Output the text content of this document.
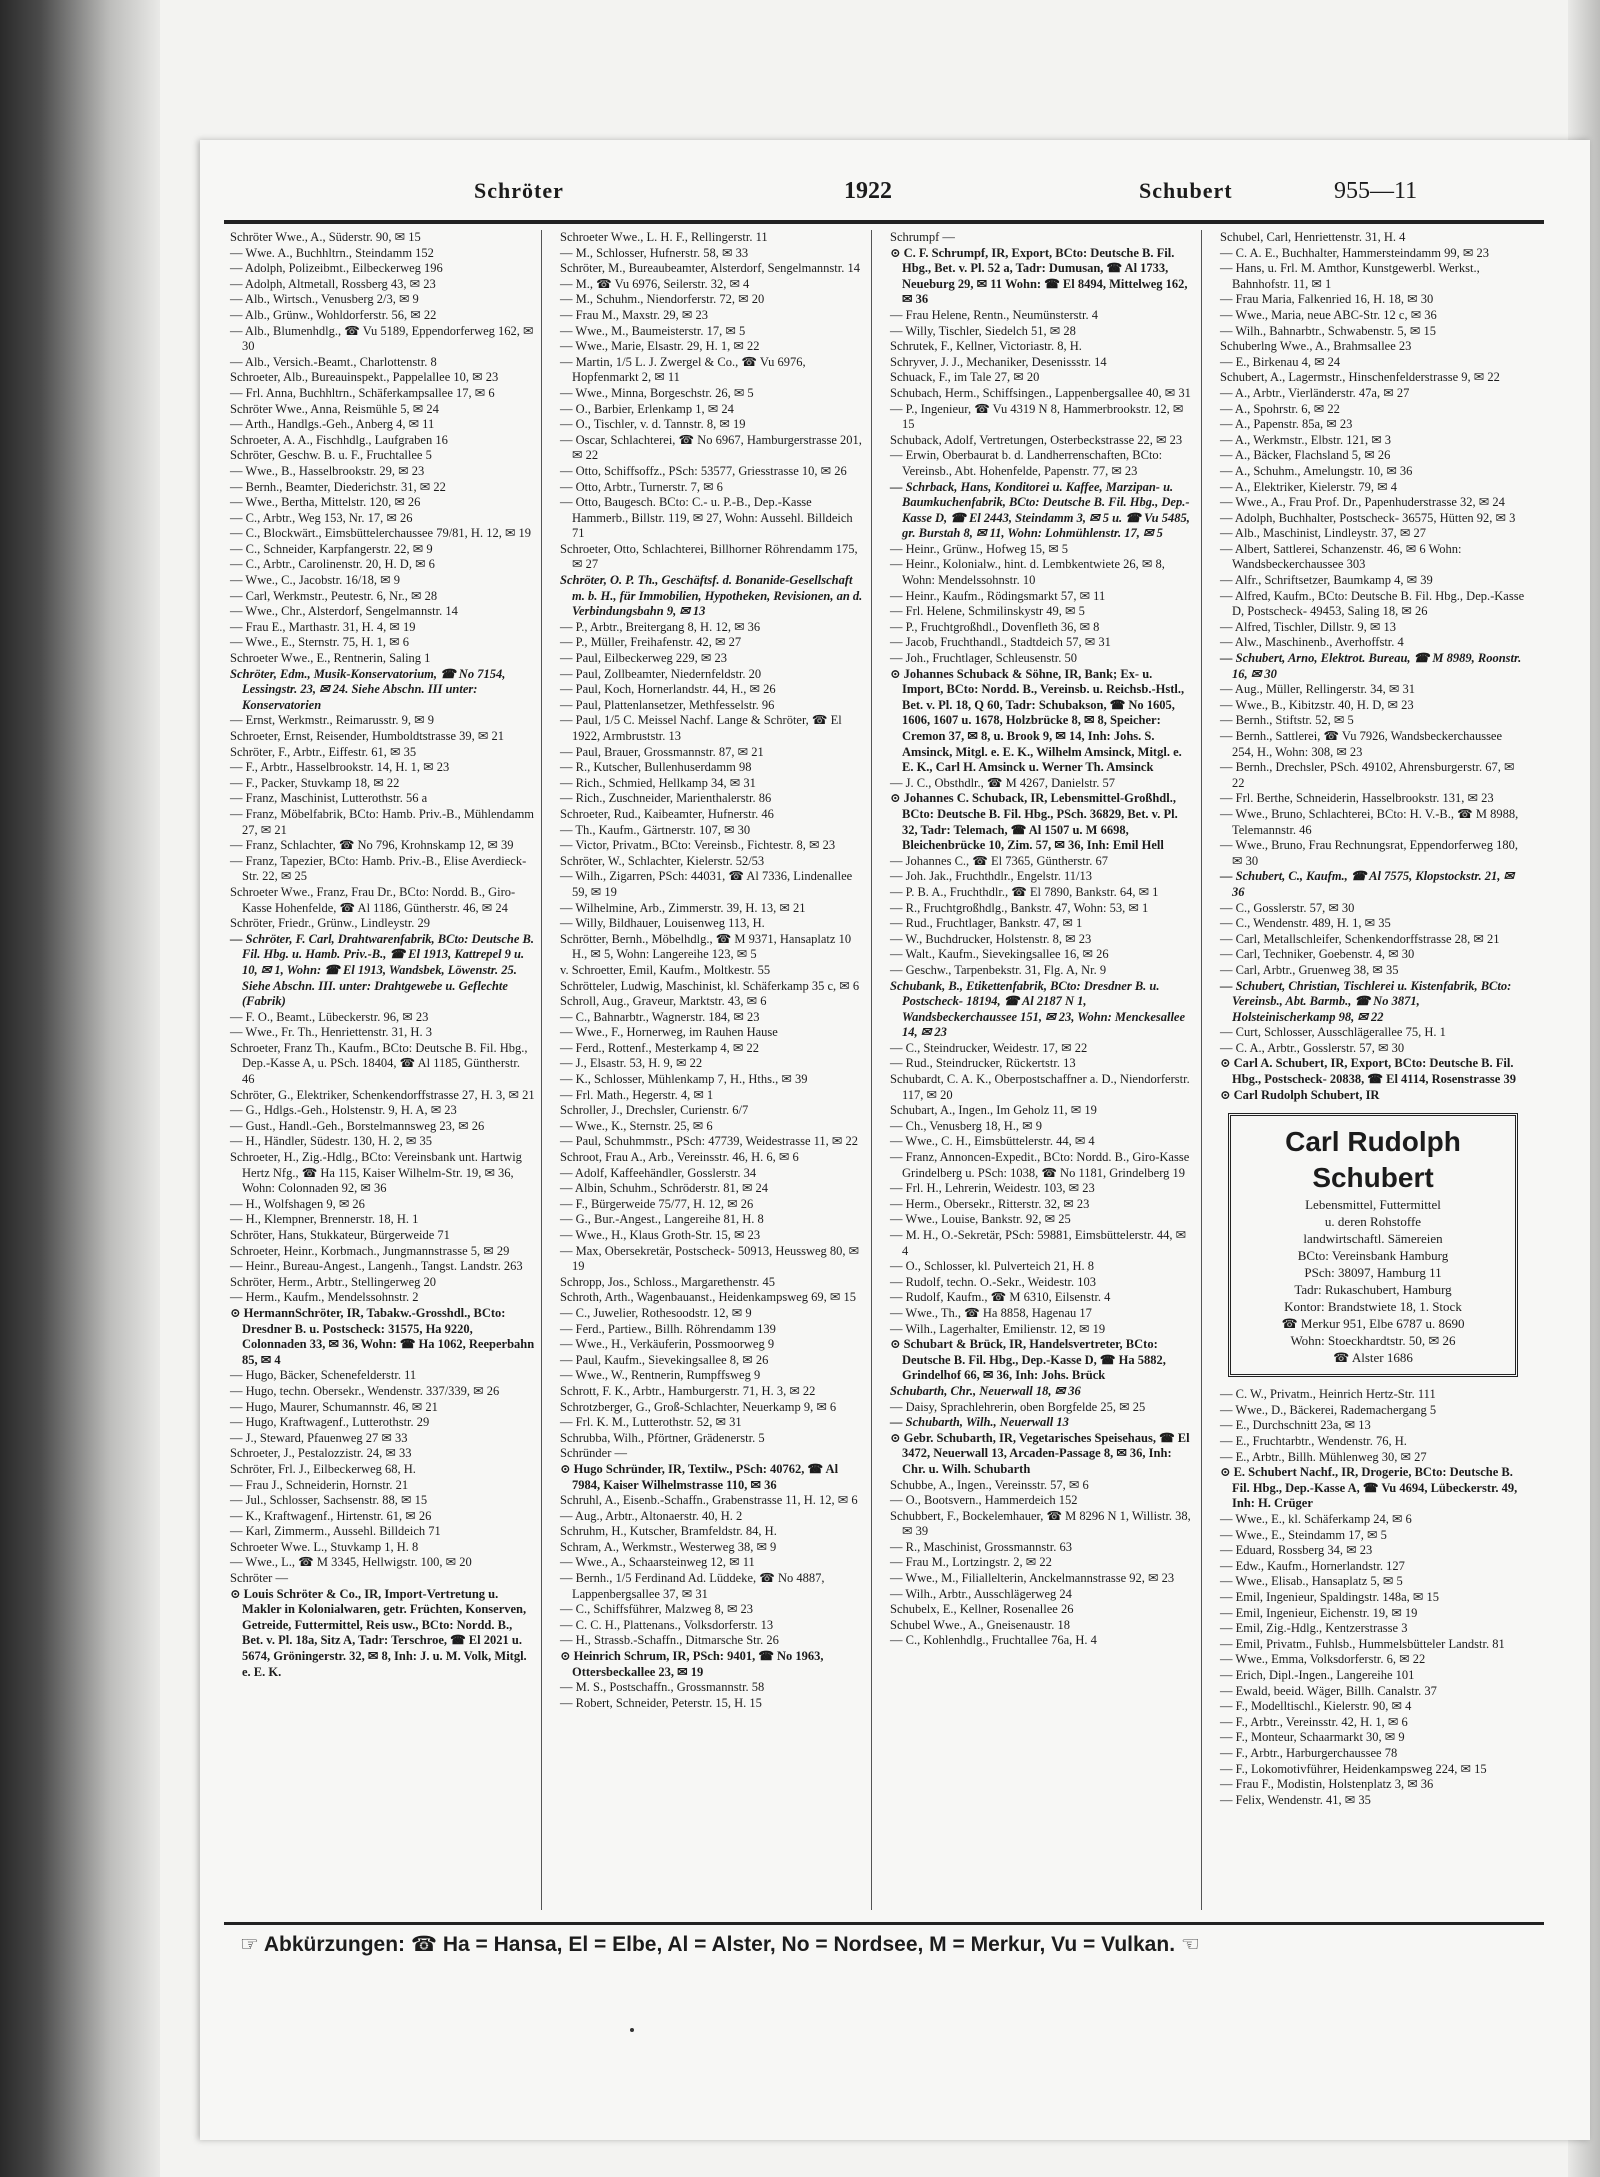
Schröter	1922	Schubert	955—11

Schröter Wwe., A., Süderstr. 90, ✉ 15

— Wwe. A., Buchhltrn., Steindamm 152

— Adolph, Polizeibmt., Eilbeckerweg 196

— Adolph, Altmetall, Rossberg 43, ✉ 23

— Alb., Wirtsch., Venusberg 2/3, ✉ 9

— Alb., Grünw., Wohldorferstr. 56, ✉ 22

— Alb., Blumenhdlg., ☎ Vu 5189, Eppendorferweg 162, ✉ 30

— Alb., Versich.-Beamt., Charlottenstr. 8

Schroeter, Alb., Bureauinspekt., Pappelallee 10, ✉ 23

— Frl. Anna, Buchhltrn., Schäferkampsallee 17, ✉ 6

Schröter Wwe., Anna, Reismühle 5, ✉ 24

— Arth., Handlgs.-Geh., Anberg 4, ✉ 11

Schroeter, A. A., Fischhdlg., Laufgraben 16

Schröter, Geschw. B. u. F., Fruchtallee 5

— Wwe., B., Hasselbrookstr. 29, ✉ 23

— Bernh., Beamter, Diederichstr. 31, ✉ 22

— Wwe., Bertha, Mittelstr. 120, ✉ 26

— C., Arbtr., Weg 153, Nr. 17, ✉ 26

— C., Blockwärt., Eimsbüttelerchaussee 79/81, H. 12, ✉ 19

— C., Schneider, Karpfangerstr. 22, ✉ 9

— C., Arbtr., Carolinenstr. 20, H. D, ✉ 6

— Wwe., C., Jacobstr. 16/18, ✉ 9

— Carl, Werkmstr., Peutestr. 6, Nr., ✉ 28

— Wwe., Chr., Alsterdorf, Sengelmannstr. 14

— Frau E., Marthastr. 31, H. 4, ✉ 19

— Wwe., E., Sternstr. 75, H. 1, ✉ 6

Schroeter Wwe., E., Rentnerin, Saling 1

Schröter, Edm., Musik-Konservatorium, ☎ No 7154, Lessingstr. 23, ✉ 24. Siehe Abschn. III unter: Konservatorien

— Ernst, Werkmstr., Reimarusstr. 9, ✉ 9

Schroeter, Ernst, Reisender, Humboldtstrasse 39, ✉ 21

Schröter, F., Arbtr., Eiffestr. 61, ✉ 35

— F., Arbtr., Hasselbrookstr. 14, H. 1, ✉ 23

— F., Packer, Stuvkamp 18, ✉ 22

— Franz, Maschinist, Lutterothstr. 56 a

— Franz, Möbelfabrik, BCto: Hamb. Priv.-B., Mühlendamm 27, ✉ 21

— Franz, Schlachter, ☎ No 796, Krohnskamp 12, ✉ 39

— Franz, Tapezier, BCto: Hamb. Priv.-B., Elise Averdieck-Str. 22, ✉ 25

Schroeter Wwe., Franz, Frau Dr., BCto: Nordd. B., Giro-Kasse Hohenfelde, ☎ Al 1186, Güntherstr. 46, ✉ 24

Schröter, Friedr., Grünw., Lindleystr. 29

— Schröter, F. Carl, Drahtwarenfabrik, BCto: Deutsche B. Fil. Hbg. u. Hamb. Priv.-B., ☎ El 1913, Kattrepel 9 u. 10, ✉ 1, Wohn: ☎ El 1913, Wandsbek, Löwenstr. 25. Siehe Abschn. III. unter: Drahtgewebe u. Geflechte (Fabrik)

— F. O., Beamt., Lübeckerstr. 96, ✉ 23

— Wwe., Fr. Th., Henriettenstr. 31, H. 3

Schroeter, Franz Th., Kaufm., BCto: Deutsche B. Fil. Hbg., Dep.-Kasse A, u. PSch. 18404, ☎ Al 1185, Güntherstr. 46

Schröter, G., Elektriker, Schenkendorffstrasse 27, H. 3, ✉ 21

— G., Hdlgs.-Geh., Holstenstr. 9, H. A, ✉ 23

— Gust., Handl.-Geh., Borstelmannsweg 23, ✉ 26

— H., Händler, Südestr. 130, H. 2, ✉ 35

Schroeter, H., Zig.-Hdlg., BCto: Vereinsbank unt. Hartwig Hertz Nfg., ☎ Ha 115, Kaiser Wilhelm-Str. 19, ✉ 36, Wohn: Colonnaden 92, ✉ 36

— H., Wolfshagen 9, ✉ 26

— H., Klempner, Brennerstr. 18, H. 1

Schröter, Hans, Stukkateur, Bürgerweide 71

Schroeter, Heinr., Korbmach., Jungmannstrasse 5, ✉ 29

— Heinr., Bureau-Angest., Langenh., Tangst. Landstr. 263

Schröter, Herm., Arbtr., Stellingerweg 20

— Herm., Kaufm., Mendelssohnstr. 2

⊙ HermannSchröter, IR, Tabakw.-Grosshdl., BCto: Dresdner B. u. Postscheck: 31575, Ha 9220, Colonnaden 33, ✉ 36, Wohn: ☎ Ha 1062, Reeperbahn 85, ✉ 4

— Hugo, Bäcker, Schenefelderstr. 11

— Hugo, techn. Obersekr., Wendenstr. 337/339, ✉ 26

— Hugo, Maurer, Schumannstr. 46, ✉ 21

— Hugo, Kraftwagenf., Lutterothstr. 29

— J., Steward, Pfauenweg 27 ✉ 33

Schroeter, J., Pestalozzistr. 24, ✉ 33

Schröter, Frl. J., Eilbeckerweg 68, H.

— Frau J., Schneiderin, Hornstr. 21

— Jul., Schlosser, Sachsenstr. 88, ✉ 15

— K., Kraftwagenf., Hirtenstr. 61, ✉ 26

— Karl, Zimmerm., Aussehl. Billdeich 71

Schroeter Wwe. L., Stuvkamp 1, H. 8

— Wwe., L., ☎ M 3345, Hellwigstr. 100, ✉ 20

Schröter —

⊙ Louis Schröter & Co., IR, Import-Vertretung u. Makler in Kolonialwaren, getr. Früchten, Konserven, Getreide, Futtermittel, Reis usw., BCto: Nordd. B., Bet. v. Pl. 18a, Sitz A, Tadr: Terschroe, ☎ El 2021 u. 5674, Gröningerstr. 32, ✉ 8, Inh: J. u. M. Volk, Mitgl. e. E. K.

Schroeter Wwe., L. H. F., Rellingerstr. 11

— M., Schlosser, Hufnerstr. 58, ✉ 33

Schröter, M., Bureaubeamter, Alsterdorf, Sengelmannstr. 14

— M., ☎ Vu 6976, Seilerstr. 32, ✉ 4

— M., Schuhm., Niendorferstr. 72, ✉ 20

— Frau M., Maxstr. 29, ✉ 23

— Wwe., M., Baumeisterstr. 17, ✉ 5

— Wwe., Marie, Elsastr. 29, H. 1, ✉ 22

— Martin, 1/5 L. J. Zwergel & Co., ☎ Vu 6976, Hopfenmarkt 2, ✉ 11

— Wwe., Minna, Borgeschstr. 26, ✉ 5

— O., Barbier, Erlenkamp 1, ✉ 24

— O., Tischler, v. d. Tannstr. 8, ✉ 19

— Oscar, Schlachterei, ☎ No 6967, Hamburgerstrasse 201, ✉ 22

— Otto, Schiffsoffz., PSch: 53577, Griesstrasse 10, ✉ 26

— Otto, Arbtr., Turnerstr. 7, ✉ 6

— Otto, Baugesch. BCto: C.- u. P.-B., Dep.-Kasse Hammerb., Billstr. 119, ✉ 27, Wohn: Aussehl. Billdeich 71

Schroeter, Otto, Schlachterei, Billhorner Röhrendamm 175, ✉ 27

Schröter, O. P. Th., Geschäftsf. d. Bonanide-Gesellschaft m. b. H., für Immobilien, Hypotheken, Revisionen, an d. Verbindungsbahn 9, ✉ 13

— P., Arbtr., Breitergang 8, H. 12, ✉ 36

— P., Müller, Freihafenstr. 42, ✉ 27

— Paul, Eilbeckerweg 229, ✉ 23

— Paul, Zollbeamter, Niedernfeldstr. 20

— Paul, Koch, Hornerlandstr. 44, H., ✉ 26

— Paul, Plattenlansetzer, Methfesselstr. 96

— Paul, 1/5 C. Meissel Nachf. Lange & Schröter, ☎ El 1922, Armbruststr. 13

— Paul, Brauer, Grossmannstr. 87, ✉ 21

— R., Kutscher, Bullenhuserdamm 98

— Rich., Schmied, Hellkamp 34, ✉ 31

— Rich., Zuschneider, Marienthalerstr. 86

Schroeter, Rud., Kaibeamter, Hufnerstr. 46

— Th., Kaufm., Gärtnerstr. 107, ✉ 30

— Victor, Privatm., BCto: Vereinsb., Fichtestr. 8, ✉ 23

Schröter, W., Schlachter, Kielerstr. 52/53

— Wilh., Zigarren, PSch: 44031, ☎ Al 7336, Lindenallee 59, ✉ 19

— Wilhelmine, Arb., Zimmerstr. 39, H. 13, ✉ 21

— Willy, Bildhauer, Louisenweg 113, H.

Schrötter, Bernh., Möbelhdlg., ☎ M 9371, Hansaplatz 10 H., ✉ 5, Wohn: Langereihe 123, ✉ 5

v. Schroetter, Emil, Kaufm., Moltkestr. 55

Schrötteler, Ludwig, Maschinist, kl. Schäferkamp 35 c, ✉ 6

Schroll, Aug., Graveur, Marktstr. 43, ✉ 6

— C., Bahnarbtr., Wagnerstr. 184, ✉ 23

— Wwe., F., Hornerweg, im Rauhen Hause

— Ferd., Rottenf., Mesterkamp 4, ✉ 22

— J., Elsastr. 53, H. 9, ✉ 22

— K., Schlosser, Mühlenkamp 7, H., Hths., ✉ 39

— Frl. Math., Hegerstr. 4, ✉ 1

Schroller, J., Drechsler, Curienstr. 6/7

— Wwe., K., Sternstr. 25, ✉ 6

— Paul, Schuhmmstr., PSch: 47739, Weidestrasse 11, ✉ 22

Schroot, Frau A., Arb., Vereinsstr. 46, H. 6, ✉ 6

— Adolf, Kaffeehändler, Gosslerstr. 34

— Albin, Schuhm., Schröderstr. 81, ✉ 24

— F., Bürgerweide 75/77, H. 12, ✉ 26

— G., Bur.-Angest., Langereihe 81, H. 8

— Wwe., H., Klaus Groth-Str. 15, ✉ 23

— Max, Obersekretär, Postscheck- 50913, Heussweg 80, ✉ 19

Schropp, Jos., Schloss., Margarethenstr. 45

Schroth, Arth., Wagenbauanst., Heidenkampsweg 69, ✉ 15

— C., Juwelier, Rothesoodstr. 12, ✉ 9

— Ferd., Partiew., Billh. Röhrendamm 139

— Wwe., H., Verkäuferin, Possmoorweg 9

— Paul, Kaufm., Sievekingsallee 8, ✉ 26

— Wwe., W., Rentnerin, Rumpffsweg 9

Schrott, F. K., Arbtr., Hamburgerstr. 71, H. 3, ✉ 22

Schrotzberger, G., Groß-Schlachter, Neuerkamp 9, ✉ 6

— Frl. K. M., Lutterothstr. 52, ✉ 31

Schrubba, Wilh., Pförtner, Grädenerstr. 5

Schründer —

⊙ Hugo Schründer, IR, Textilw., PSch: 40762, ☎ Al 7984, Kaiser Wilhelmstrasse 110, ✉ 36

Schruhl, A., Eisenb.-Schaffn., Grabenstrasse 11, H. 12, ✉ 6

— Aug., Arbtr., Altonaerstr. 40, H. 2

Schruhm, H., Kutscher, Bramfeldstr. 84, H.

Schram, A., Werkmstr., Westerweg 38, ✉ 9

— Wwe., A., Schaarsteinweg 12, ✉ 11

— Bernh., 1/5 Ferdinand Ad. Lüddeke, ☎ No 4887, Lappenbergsallee 37, ✉ 31

— C., Schiffsführer, Malzweg 8, ✉ 23

— C. C. H., Plattenans., Volksdorferstr. 13

— H., Strassb.-Schaffn., Ditmarsche Str. 26

⊙ Heinrich Schrum, IR, PSch: 9401, ☎ No 1963, Ottersbeckallee 23, ✉ 19

— M. S., Postschaffn., Grossmannstr. 58

— Robert, Schneider, Peterstr. 15, H. 15

Schrumpf —

⊙ C. F. Schrumpf, IR, Export, BCto: Deutsche B. Fil. Hbg., Bet. v. Pl. 52 a, Tadr: Dumusan, ☎ Al 1733, Neueburg 29, ✉ 11 Wohn: ☎ El 8494, Mittelweg 162, ✉ 36

— Frau Helene, Rentn., Neumünsterstr. 4

— Willy, Tischler, Siedelch 51, ✉ 28

Schrutek, F., Kellner, Victoriastr. 8, H.

Schryver, J. J., Mechaniker, Desenissstr. 14

Schuack, F., im Tale 27, ✉ 20

Schubach, Herm., Schiffsingen., Lappenbergsallee 40, ✉ 31

— P., Ingenieur, ☎ Vu 4319 N 8, Hammerbrookstr. 12, ✉ 15

Schuback, Adolf, Vertretungen, Osterbeckstrasse 22, ✉ 23

— Erwin, Oberbaurat b. d. Landherrenschaften, BCto: Vereinsb., Abt. Hohenfelde, Papenstr. 77, ✉ 23

— Schrback, Hans, Konditorei u. Kaffee, Marzipan- u. Baumkuchenfabrik, BCto: Deutsche B. Fil. Hbg., Dep.-Kasse D, ☎ El 2443, Steindamm 3, ✉ 5 u. ☎ Vu 5485, gr. Burstah 8, ✉ 11, Wohn: Lohmühlenstr. 17, ✉ 5

— Heinr., Grünw., Hofweg 15, ✉ 5

— Heinr., Kolonialw., hint. d. Lembkentwiete 26, ✉ 8, Wohn: Mendelssohnstr. 10

— Heinr., Kaufm., Rödingsmarkt 57, ✉ 11

— Frl. Helene, Schmilinskystr 49, ✉ 5

— P., Fruchtgroßhdl., Dovenfleth 36, ✉ 8

— Jacob, Fruchthandl., Stadtdeich 57, ✉ 31

— Joh., Fruchtlager, Schleusenstr. 50

⊙ Johannes Schuback & Söhne, IR, Bank; Ex- u. Import, BCto: Nordd. B., Vereinsb. u. Reichsb.-Hstl., Bet. v. Pl. 18, Q 60, Tadr: Schubakson, ☎ No 1605, 1606, 1607 u. 1678, Holzbrücke 8, ✉ 8, Speicher: Cremon 37, ✉ 8, u. Brook 9, ✉ 14, Inh: Johs. S. Amsinck, Mitgl. e. E. K., Wilhelm Amsinck, Mitgl. e. E. K., Carl H. Amsinck u. Werner Th. Amsinck

— J. C., Obsthdlr., ☎ M 4267, Danielstr. 57

⊙ Johannes C. Schuback, IR, Lebensmittel-Großhdl., BCto: Deutsche B. Fil. Hbg., PSch. 36829, Bet. v. Pl. 32, Tadr: Telemach, ☎ Al 1507 u. M 6698, Bleichenbrücke 10, Zim. 57, ✉ 36, Inh: Emil Hell

— Johannes C., ☎ El 7365, Güntherstr. 67

— Joh. Jak., Fruchthdlr., Engelstr. 11/13

— P. B. A., Fruchthdlr., ☎ El 7890, Bankstr. 64, ✉ 1

— R., Fruchtgroßhdlg., Bankstr. 47, Wohn: 53, ✉ 1

— Rud., Fruchtlager, Bankstr. 47, ✉ 1

— W., Buchdrucker, Holstenstr. 8, ✉ 23

— Walt., Kaufm., Sievekingsallee 16, ✉ 26

— Geschw., Tarpenbekstr. 31, Flg. A, Nr. 9

Schubank, B., Etikettenfabrik, BCto: Dresdner B. u. Postscheck- 18194, ☎ Al 2187 N 1, Wandsbeckerchaussee 151, ✉ 23, Wohn: Menckesallee 14, ✉ 23

— C., Steindrucker, Weidestr. 17, ✉ 22

— Rud., Steindrucker, Rückertstr. 13

Schubardt, C. A. K., Oberpostschaffner a. D., Niendorferstr. 117, ✉ 20

Schubart, A., Ingen., Im Geholz 11, ✉ 19

— Ch., Venusberg 18, H., ✉ 9

— Wwe., C. H., Eimsbüttelerstr. 44, ✉ 4

— Franz, Annoncen-Expedit., BCto: Nordd. B., Giro-Kasse Grindelberg u. PSch: 1038, ☎ No 1181, Grindelberg 19

— Frl. H., Lehrerin, Weidestr. 103, ✉ 23

— Herm., Obersekr., Ritterstr. 32, ✉ 23

— Wwe., Louise, Bankstr. 92, ✉ 25

— M. H., O.-Sekretär, PSch: 59881, Eimsbüttelerstr. 44, ✉ 4

— O., Schlosser, kl. Pulverteich 21, H. 8

— Rudolf, techn. O.-Sekr., Weidestr. 103

— Rudolf, Kaufm., ☎ M 6310, Eilsenstr. 4

— Wwe., Th., ☎ Ha 8858, Hagenau 17

— Wilh., Lagerhalter, Emilienstr. 12, ✉ 19

⊙ Schubart & Brück, IR, Handelsvertreter, BCto: Deutsche B. Fil. Hbg., Dep.-Kasse D, ☎ Ha 5882, Grindelhof 66, ✉ 36, Inh: Johs. Brück

Schubarth, Chr., Neuerwall 18, ✉ 36

— Daisy, Sprachlehrerin, oben Borgfelde 25, ✉ 25

— Schubarth, Wilh., Neuerwall 13

⊙ Gebr. Schubarth, IR, Vegetarisches Speisehaus, ☎ El 3472, Neuerwall 13, Arcaden-Passage 8, ✉ 36, Inh: Chr. u. Wilh. Schubarth

Schubbe, A., Ingen., Vereinsstr. 57, ✉ 6

— O., Bootsvern., Hammerdeich 152

Schubbert, F., Bockelemhauer, ☎ M 8296 N 1, Willistr. 38, ✉ 39

— R., Maschinist, Grossmannstr. 63

— Frau M., Lortzingstr. 2, ✉ 22

— Wwe., M., Filiallelterin, Anckelmannstrasse 92, ✉ 23

— Wilh., Arbtr., Ausschlägerweg 24

Schubelx, E., Kellner, Rosenallee 26

Schubel Wwe., A., Gneisenaustr. 18

— C., Kohlenhdlg., Fruchtallee 76a, H. 4

Schubel, Carl, Henriettenstr. 31, H. 4

— C. A. E., Buchhalter, Hammersteindamm 99, ✉ 23

— Hans, u. Frl. M. Amthor, Kunstgewerbl. Werkst., Bahnhofstr. 11, ✉ 1

— Frau Maria, Falkenried 16, H. 18, ✉ 30

— Wwe., Maria, neue ABC-Str. 12 c, ✉ 36

— Wilh., Bahnarbtr., Schwabenstr. 5, ✉ 15

Schuberlng Wwe., A., Brahmsallee 23

— E., Birkenau 4, ✉ 24

Schubert, A., Lagermstr., Hinschenfelderstrasse 9, ✉ 22

— A., Arbtr., Vierländerstr. 47a, ✉ 27

— A., Spohrstr. 6, ✉ 22

— A., Papenstr. 85a, ✉ 23

— A., Werkmstr., Elbstr. 121, ✉ 3

— A., Bäcker, Flachsland 5, ✉ 26

— A., Schuhm., Amelungstr. 10, ✉ 36

— A., Elektriker, Kielerstr. 79, ✉ 4

— Wwe., A., Frau Prof. Dr., Papenhuderstrasse 32, ✉ 24

— Adolph, Buchhalter, Postscheck- 36575, Hütten 92, ✉ 3

— Alb., Maschinist, Lindleystr. 37, ✉ 27

— Albert, Sattlerei, Schanzenstr. 46, ✉ 6 Wohn: Wandsbeckerchaussee 303

— Alfr., Schriftsetzer, Baumkamp 4, ✉ 39

— Alfred, Kaufm., BCto: Deutsche B. Fil. Hbg., Dep.-Kasse D, Postscheck- 49453, Saling 18, ✉ 26

— Alfred, Tischler, Dillstr. 9, ✉ 13

— Alw., Maschinenb., Averhoffstr. 4

— Schubert, Arno, Elektrot. Bureau, ☎ M 8989, Roonstr. 16, ✉ 30

— Aug., Müller, Rellingerstr. 34, ✉ 31

— Wwe., B., Kibitzstr. 40, H. D, ✉ 23

— Bernh., Stiftstr. 52, ✉ 5

— Bernh., Sattlerei, ☎ Vu 7926, Wandsbeckerchaussee 254, H., Wohn: 308, ✉ 23

— Bernh., Drechsler, PSch. 49102, Ahrensburgerstr. 67, ✉ 22

— Frl. Berthe, Schneiderin, Hasselbrookstr. 131, ✉ 23

— Wwe., Bruno, Schlachterei, BCto: H. V.-B., ☎ M 8988, Telemannstr. 46

— Wwe., Bruno, Frau Rechnungsrat, Eppendorferweg 180, ✉ 30

— Schubert, C., Kaufm., ☎ Al 7575, Klopstockstr. 21, ✉ 36

— C., Gosslerstr. 57, ✉ 30

— C., Wendenstr. 489, H. 1, ✉ 35

— Carl, Metallschleifer, Schenkendorffstrasse 28, ✉ 21

— Carl, Techniker, Goebenstr. 4, ✉ 30

— Carl, Arbtr., Gruenweg 38, ✉ 35

— Schubert, Christian, Tischlerei u. Kistenfabrik, BCto: Vereinsb., Abt. Barmb., ☎ No 3871, Holsteinischerkamp 98, ✉ 22

— Curt, Schlosser, Ausschlägerallee 75, H. 1

— C. A., Arbtr., Gosslerstr. 57, ✉ 30

⊙ Carl A. Schubert, IR, Export, BCto: Deutsche B. Fil. Hbg., Postscheck- 20838, ☎ El 4114, Rosenstrasse 39

⊙ Carl Rudolph Schubert, IR

Carl Rudolph Schubert
Lebensmittel, Futtermittel
u. deren Rohstoffe
landwirtschaftl. Sämereien
BCto: Vereinsbank Hamburg
PSch: 38097, Hamburg 11
Tadr: Rukaschubert, Hamburg
Kontor: Brandstwiete 18, 1. Stock
☎ Merkur 951, Elbe 6787 u. 8690
Wohn: Stoeckhardtstr. 50, ✉ 26
☎ Alster 1686

— C. W., Privatm., Heinrich Hertz-Str. 111

— Wwe., D., Bäckerei, Rademachergang 5

— E., Durchschnitt 23a, ✉ 13

— E., Fruchtarbtr., Wendenstr. 76, H.

— E., Arbtr., Billh. Mühlenweg 30, ✉ 27

⊙ E. Schubert Nachf., IR, Drogerie, BCto: Deutsche B. Fil. Hbg., Dep.-Kasse A, ☎ Vu 4694, Lübeckerstr. 49, Inh: H. Crüger

— Wwe., E., kl. Schäferkamp 24, ✉ 6

— Wwe., E., Steindamm 17, ✉ 5

— Eduard, Rossberg 34, ✉ 23

— Edw., Kaufm., Hornerlandstr. 127

— Wwe., Elisab., Hansaplatz 5, ✉ 5

— Emil, Ingenieur, Spaldingstr. 148a, ✉ 15

— Emil, Ingenieur, Eichenstr. 19, ✉ 19

— Emil, Zig.-Hdlg., Kentzerstrasse 3

— Emil, Privatm., Fuhlsb., Hummelsbütteler Landstr. 81

— Wwe., Emma, Volksdorferstr. 6, ✉ 22

— Erich, Dipl.-Ingen., Langereihe 101

— Ewald, beeid. Wäger, Billh. Canalstr. 37

— F., Modelltischl., Kielerstr. 90, ✉ 4

— F., Arbtr., Vereinsstr. 42, H. 1, ✉ 6

— F., Monteur, Schaarmarkt 30, ✉ 9

— F., Arbtr., Harburgerchaussee 78

— F., Lokomotivführer, Heidenkampsweg 224, ✉ 15

— Frau F., Modistin, Holstenplatz 3, ✉ 36

— Felix, Wendenstr. 41, ✉ 35

☞ Abkürzungen: ☎ Ha = Hansa, El = Elbe, Al = Alster, No = Nordsee, M = Merkur, Vu = Vulkan. ☜
